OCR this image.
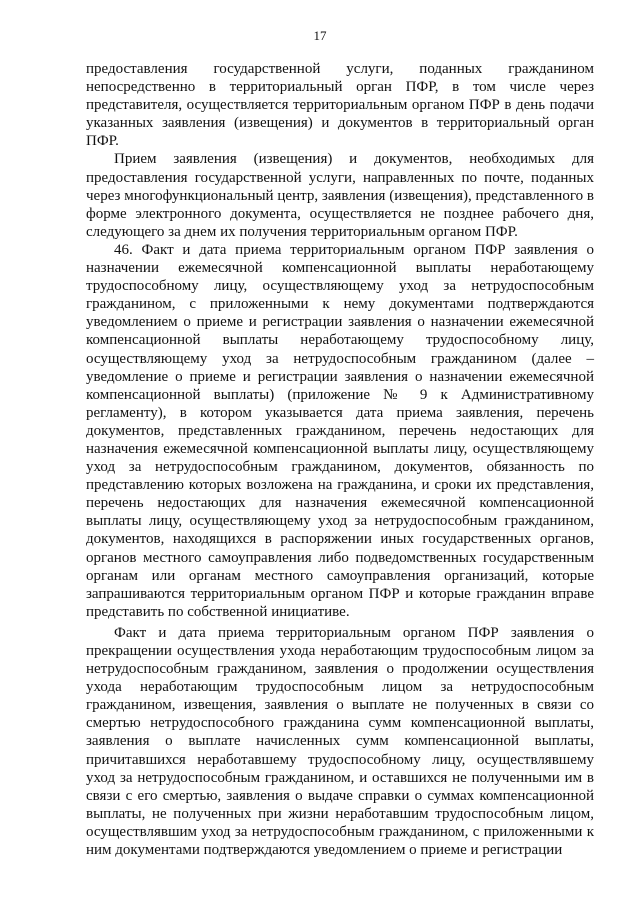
17

предоставления государственной услуги, поданных гражданином непосредственно в территориальный орган ПФР, в том числе через представителя, осуществляется территориальным органом ПФР в день подачи указанных заявления (извещения) и документов в территориальный орган ПФР.

Прием заявления (извещения) и документов, необходимых для предоставления государственной услуги, направленных по почте, поданных через многофункциональный центр, заявления (извещения), представленного в форме электронного документа, осуществляется не позднее рабочего дня, следующего за днем их получения территориальным органом ПФР.

46. Факт и дата приема территориальным органом ПФР заявления о назначении ежемесячной компенсационной выплаты неработающему трудоспособному лицу, осуществляющему уход за нетрудоспособным гражданином, с приложенными к нему документами подтверждаются уведомлением о приеме и регистрации заявления о назначении ежемесячной компенсационной выплаты неработающему трудоспособному лицу, осуществляющему уход за нетрудоспособным гражданином (далее – уведомление о приеме и регистрации заявления о назначении ежемесячной компенсационной выплаты) (приложение № 9 к Административному регламенту), в котором указывается дата приема заявления, перечень документов, представленных гражданином, перечень недостающих для назначения ежемесячной компенсационной выплаты лицу, осуществляющему уход за нетрудоспособным гражданином, документов, обязанность по представлению которых возложена на гражданина, и сроки их представления, перечень недостающих для назначения ежемесячной компенсационной выплаты лицу, осуществляющему уход за нетрудоспособным гражданином, документов, находящихся в распоряжении иных государственных органов, органов местного самоуправления либо подведомственных государственным органам или органам местного самоуправления организаций, которые запрашиваются территориальным органом ПФР и которые гражданин вправе представить по собственной инициативе.

Факт и дата приема территориальным органом ПФР заявления о прекращении осуществления ухода неработающим трудоспособным лицом за нетрудоспособным гражданином, заявления о продолжении осуществления ухода неработающим трудоспособным лицом за нетрудоспособным гражданином, извещения, заявления о выплате не полученных в связи со смертью нетрудоспособного гражданина сумм компенсационной выплаты, заявления о выплате начисленных сумм компенсационной выплаты, причитавшихся неработавшему трудоспособному лицу, осуществлявшему уход за нетрудоспособным гражданином, и оставшихся не полученными им в связи с его смертью, заявления о выдаче справки о суммах компенсационной выплаты, не полученных при жизни неработавшим трудоспособным лицом, осуществлявшим уход за нетрудоспособным гражданином, с приложенными к ним документами подтверждаются уведомлением о приеме и регистрации
